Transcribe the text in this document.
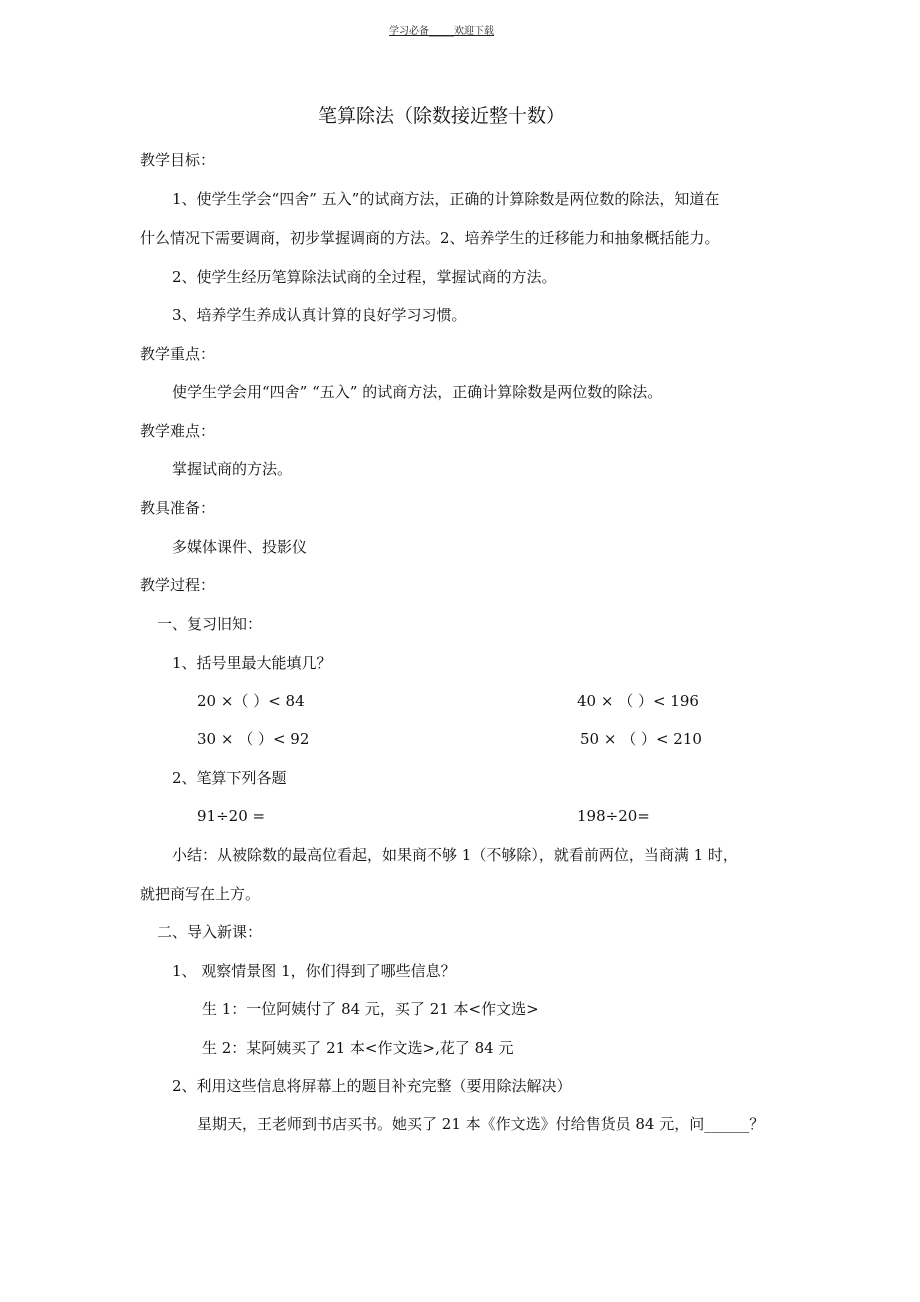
学习必备_____欢迎下载
笔算除法（除数接近整十数）
教学目标：
1、使学生学会“四舍” 五入”的试商方法，正确的计算除数是两位数的除法，知道在
什么情况下需要调商，初步掌握调商的方法。2、培养学生的迁移能力和抽象概括能力。
2、使学生经历笔算除法试商的全过程，掌握试商的方法。
3、培养学生养成认真计算的良好学习习惯。
教学重点：
使学生学会用“四舍” “五入” 的试商方法，正确计算除数是两位数的除法。
教学难点：
掌握试商的方法。
教具准备：
多媒体课件、投影仪
教学过程：
一、复习旧知：
1、括号里最大能填几？
20 ×（ ）< 84	40 × （ ）< 196
30 × （ ）< 92	50 × （ ）< 210
2、笔算下列各题
91÷20 =	198÷20=
小结：从被除数的最高位看起，如果商不够 1（不够除），就看前两位，当商满 1 时，
就把商写在上方。
二、导入新课：
1、 观察情景图 1，你们得到了哪些信息？
生 1：一位阿姨付了 84 元，买了 21 本<作文选>
生 2：某阿姨买了 21 本<作文选>,花了 84 元
2、利用这些信息将屏幕上的题目补充完整（要用除法解决）
星期天，王老师到书店买书。她买了 21 本《作文选》付给售货员 84 元，问______？
